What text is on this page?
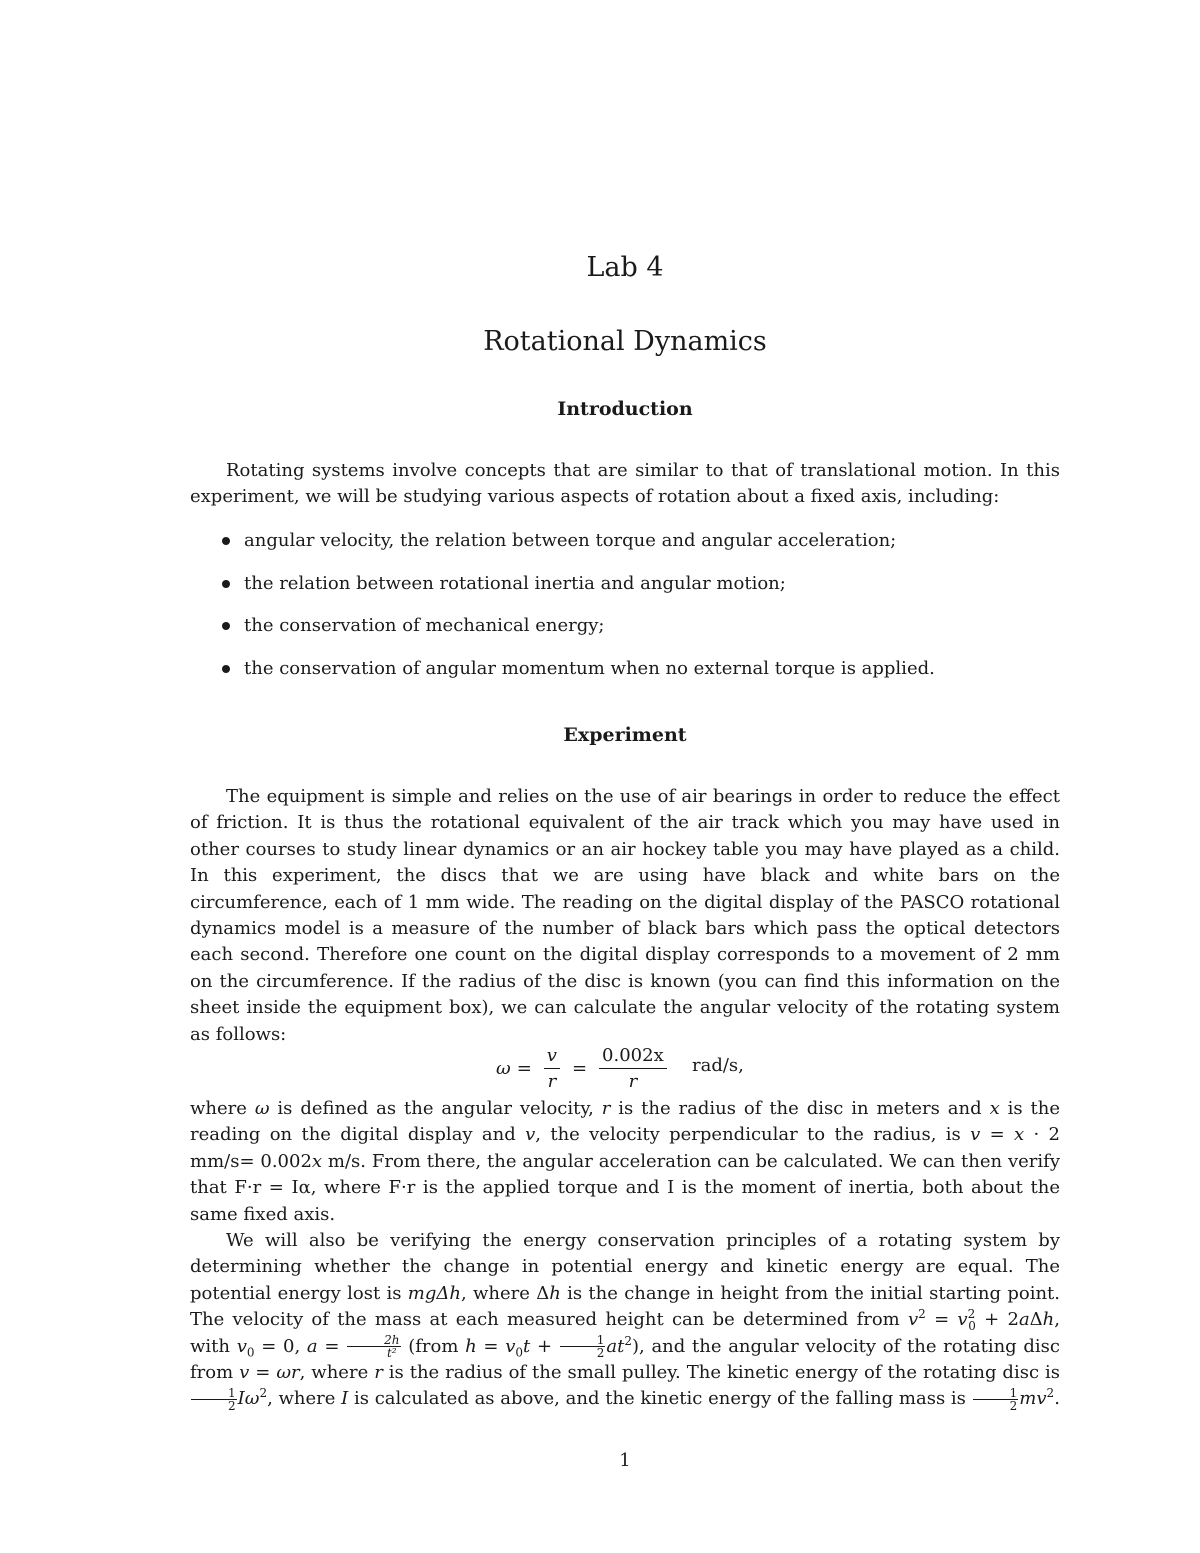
Lab 4
Rotational Dynamics
Introduction

Rotating systems involve concepts that are similar to that of translational motion. In this experiment, we will be studying various aspects of rotation about a fixed axis, including:

angular velocity, the relation between torque and angular acceleration;
the relation between rotational inertia and angular motion;
the conservation of mechanical energy;
the conservation of angular momentum when no external torque is applied.
Experiment

The equipment is simple and relies on the use of air bearings in order to reduce the effect of friction. It is thus the rotational equivalent of the air track which you may have used in other courses to study linear dynamics or an air hockey table you may have played as a child. In this experiment, the discs that we are using have black and white bars on the circumference, each of 1 mm wide. The reading on the digital display of the PASCO rotational dynamics model is a measure of the number of black bars which pass the optical detectors each second. Therefore one count on the digital display corresponds to a movement of 2 mm on the circumference. If the radius of the disc is known (you can find this information on the sheet inside the equipment box), we can calculate the angular velocity of the rotating system as follows:

$\omega = \frac{v}{r} = \frac{0.002x}{r} rad/s$,

where ω is defined as the angular velocity, r is the radius of the disc in meters and x is the reading on the digital display and v, the velocity perpendicular to the radius, is v = x · 2 mm/s= 0.002x m/s. From there, the angular acceleration can be calculated. We can then verify that F·r = Iα, where F·r is the applied torque and I is the moment of inertia, both about the same fixed axis.

We will also be verifying the energy conservation principles of a rotating system by determining whether the change in potential energy and kinetic energy are equal. The potential energy lost is mgΔh, where Δh is the change in height from the initial starting point. The velocity of the mass at each measured height can be determined from $v^2 = v^2_0 + 2a\Delta h$, with $v_0 = 0$, $a = \frac{2h}{\text{t²}}$ (from $h = v_0t + \frac{1}{2} at^2$), and the angular velocity of the rotating disc from v = ωr, where r is the radius of the small pulley. The kinetic energy of the rotating disc is
$\frac{1}{2} I\omega^2$, where I is calculated as above, and the kinetic energy of the falling mass is $\frac{1}{2} mv^2$.

1
